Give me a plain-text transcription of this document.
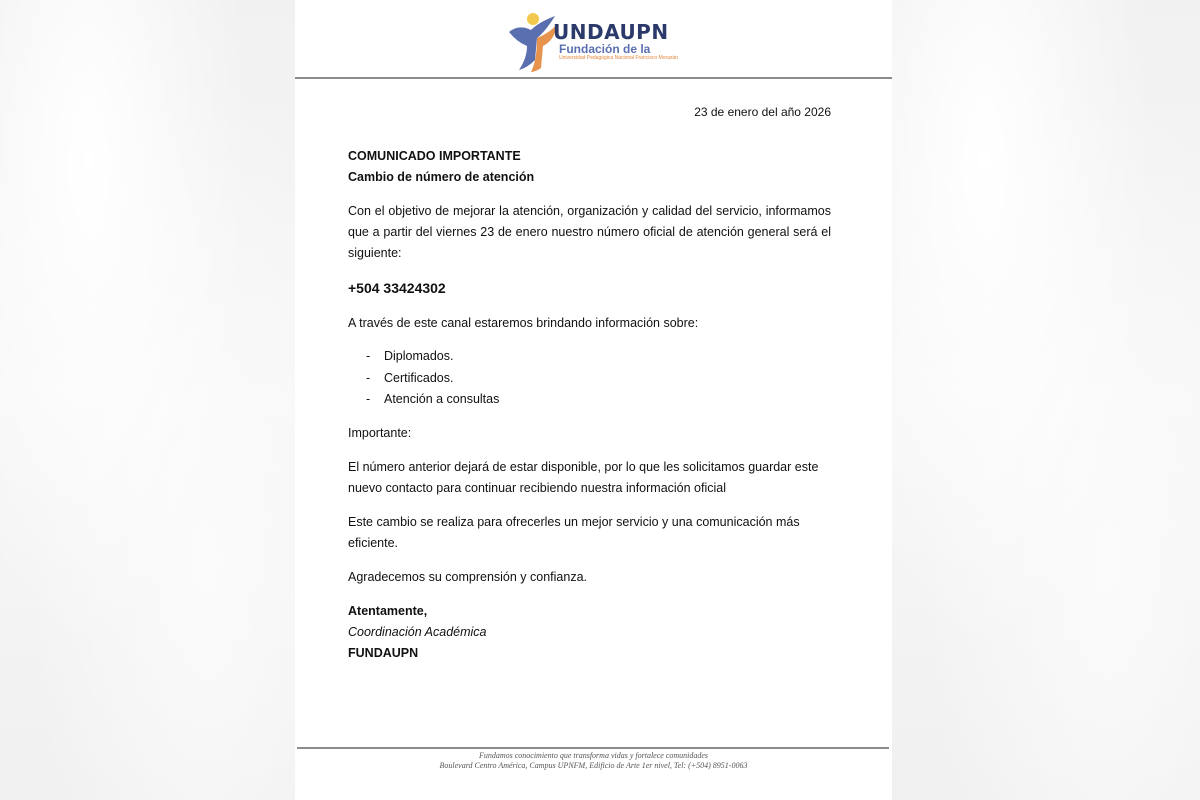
UNDAUPN
Fundación de la
Universidad Pedagógica Nacional Francisco Morazán
23 de enero del año 2026

COMUNICADO IMPORTANTE

Cambio de número de atención

Con el objetivo de mejorar la atención, organización y calidad del servicio, informamos que a partir del viernes 23 de enero nuestro número oficial de atención general será el siguiente:

+504 33424302

A través de este canal estaremos brindando información sobre:

-	Diplomados.
-	Certificados.
-	Atención a consultas

Importante:

El número anterior dejará de estar disponible, por lo que les solicitamos guardar este nuevo contacto para continuar recibiendo nuestra información oficial

Este cambio se realiza para ofrecerles un mejor servicio y una comunicación más eficiente.

Agradecemos su comprensión y confianza.

Atentamente,

Coordinación Académica

FUNDAUPN

Fundamos conocimiento que transforma vidas y fortalece comunidades
Boulevard Centro América, Campus UPNFM, Edificio de Arte 1er nivel, Tel: (+504) 8951-0063
